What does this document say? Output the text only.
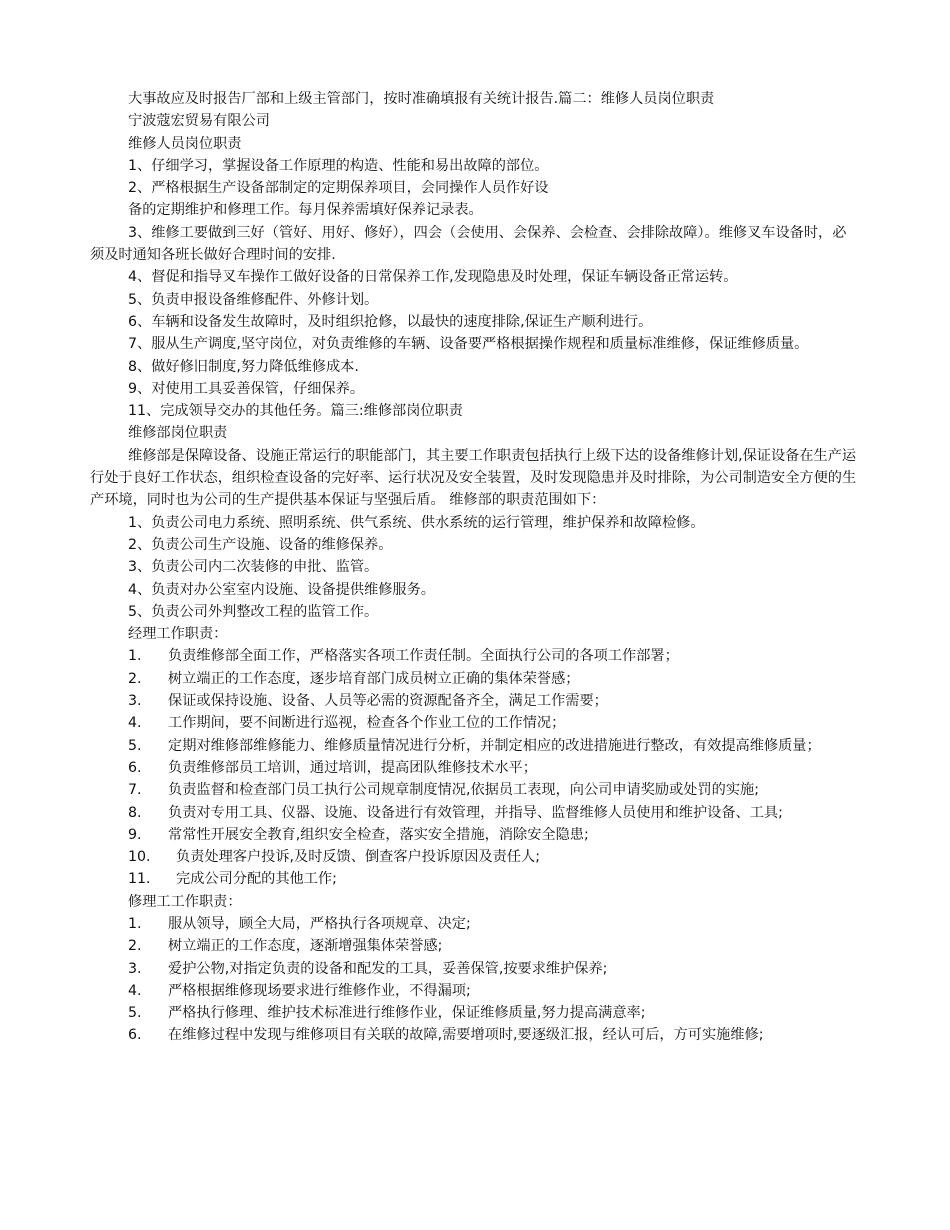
大事故应及时报告厂部和上级主管部门，按时准确填报有关统计报告.篇二：维修人员岗位职责
宁波蔻宏贸易有限公司
维修人员岗位职责
1、仔细学习，掌握设备工作原理的构造、性能和易出故障的部位。
2、严格根据生产设备部制定的定期保养项目，会同操作人员作好设
备的定期维护和修理工作。每月保养需填好保养记录表。
3、维修工要做到三好（管好、用好、修好），四会（会使用、会保养、会检查、会排除故障）。维修叉车设备时，必须及时通知各班长做好合理时间的安排.
4、督促和指导叉车操作工做好设备的日常保养工作,发现隐患及时处理，保证车辆设备正常运转。
5、负责申报设备维修配件、外修计划。
6、车辆和设备发生故障时，及时组织抢修，以最快的速度排除,保证生产顺利进行。
7、服从生产调度,坚守岗位，对负责维修的车辆、设备要严格根据操作规程和质量标准维修，保证维修质量。
8、做好修旧制度,努力降低维修成本.
9、对使用工具妥善保管，仔细保养。
11、完成领导交办的其他任务。篇三:维修部岗位职责
维修部岗位职责
维修部是保障设备、设施正常运行的职能部门，其主要工作职责包括执行上级下达的设备维修计划,保证设备在生产运行处于良好工作状态，组织检查设备的完好率、运行状况及安全装置，及时发现隐患并及时排除，为公司制造安全方便的生产环境，同时也为公司的生产提供基本保证与坚强后盾。 维修部的职责范围如下：
1、负责公司电力系统、照明系统、供气系统、供水系统的运行管理，维护保养和故障检修。
2、负责公司生产设施、设备的维修保养。
3、负责公司内二次装修的申批、监管。
4、负责对办公室室内设施、设备提供维修服务。
5、负责公司外判整改工程的监管工作。
经理工作职责：
1.	负责维修部全面工作，严格落实各项工作责任制。全面执行公司的各项工作部署；
2.	树立端正的工作态度，逐步培育部门成员树立正确的集体荣誉感；
3.	保证或保持设施、设备、人员等必需的资源配备齐全，满足工作需要；
4.	工作期间，要不间断进行巡视，检查各个作业工位的工作情况；
5.	定期对维修部维修能力、维修质量情况进行分析，并制定相应的改进措施进行整改，有效提高维修质量；
6.	负责维修部员工培训，通过培训，提高团队维修技术水平；
7.	负责监督和检查部门员工执行公司规章制度情况,依据员工表现，向公司申请奖励或处罚的实施;
8.	负责对专用工具、仪器、设施、设备进行有效管理，并指导、监督维修人员使用和维护设备、工具;
9.	常常性开展安全教育,组织安全检查，落实安全措施，消除安全隐患;
10.	负责处理客户投诉,及时反馈、倒查客户投诉原因及责任人;
11.	完成公司分配的其他工作;
修理工工作职责：
1.	服从领导，顾全大局，严格执行各项规章、决定;
2.	树立端正的工作态度，逐渐增强集体荣誉感;
3.	爱护公物,对指定负责的设备和配发的工具，妥善保管,按要求维护保养;
4.	严格根据维修现场要求进行维修作业，不得漏项;
5.	严格执行修理、维护技术标准进行维修作业，保证维修质量,努力提高满意率;
6.	在维修过程中发现与维修项目有关联的故障,需要增项时,要逐级汇报，经认可后，方可实施维修;
